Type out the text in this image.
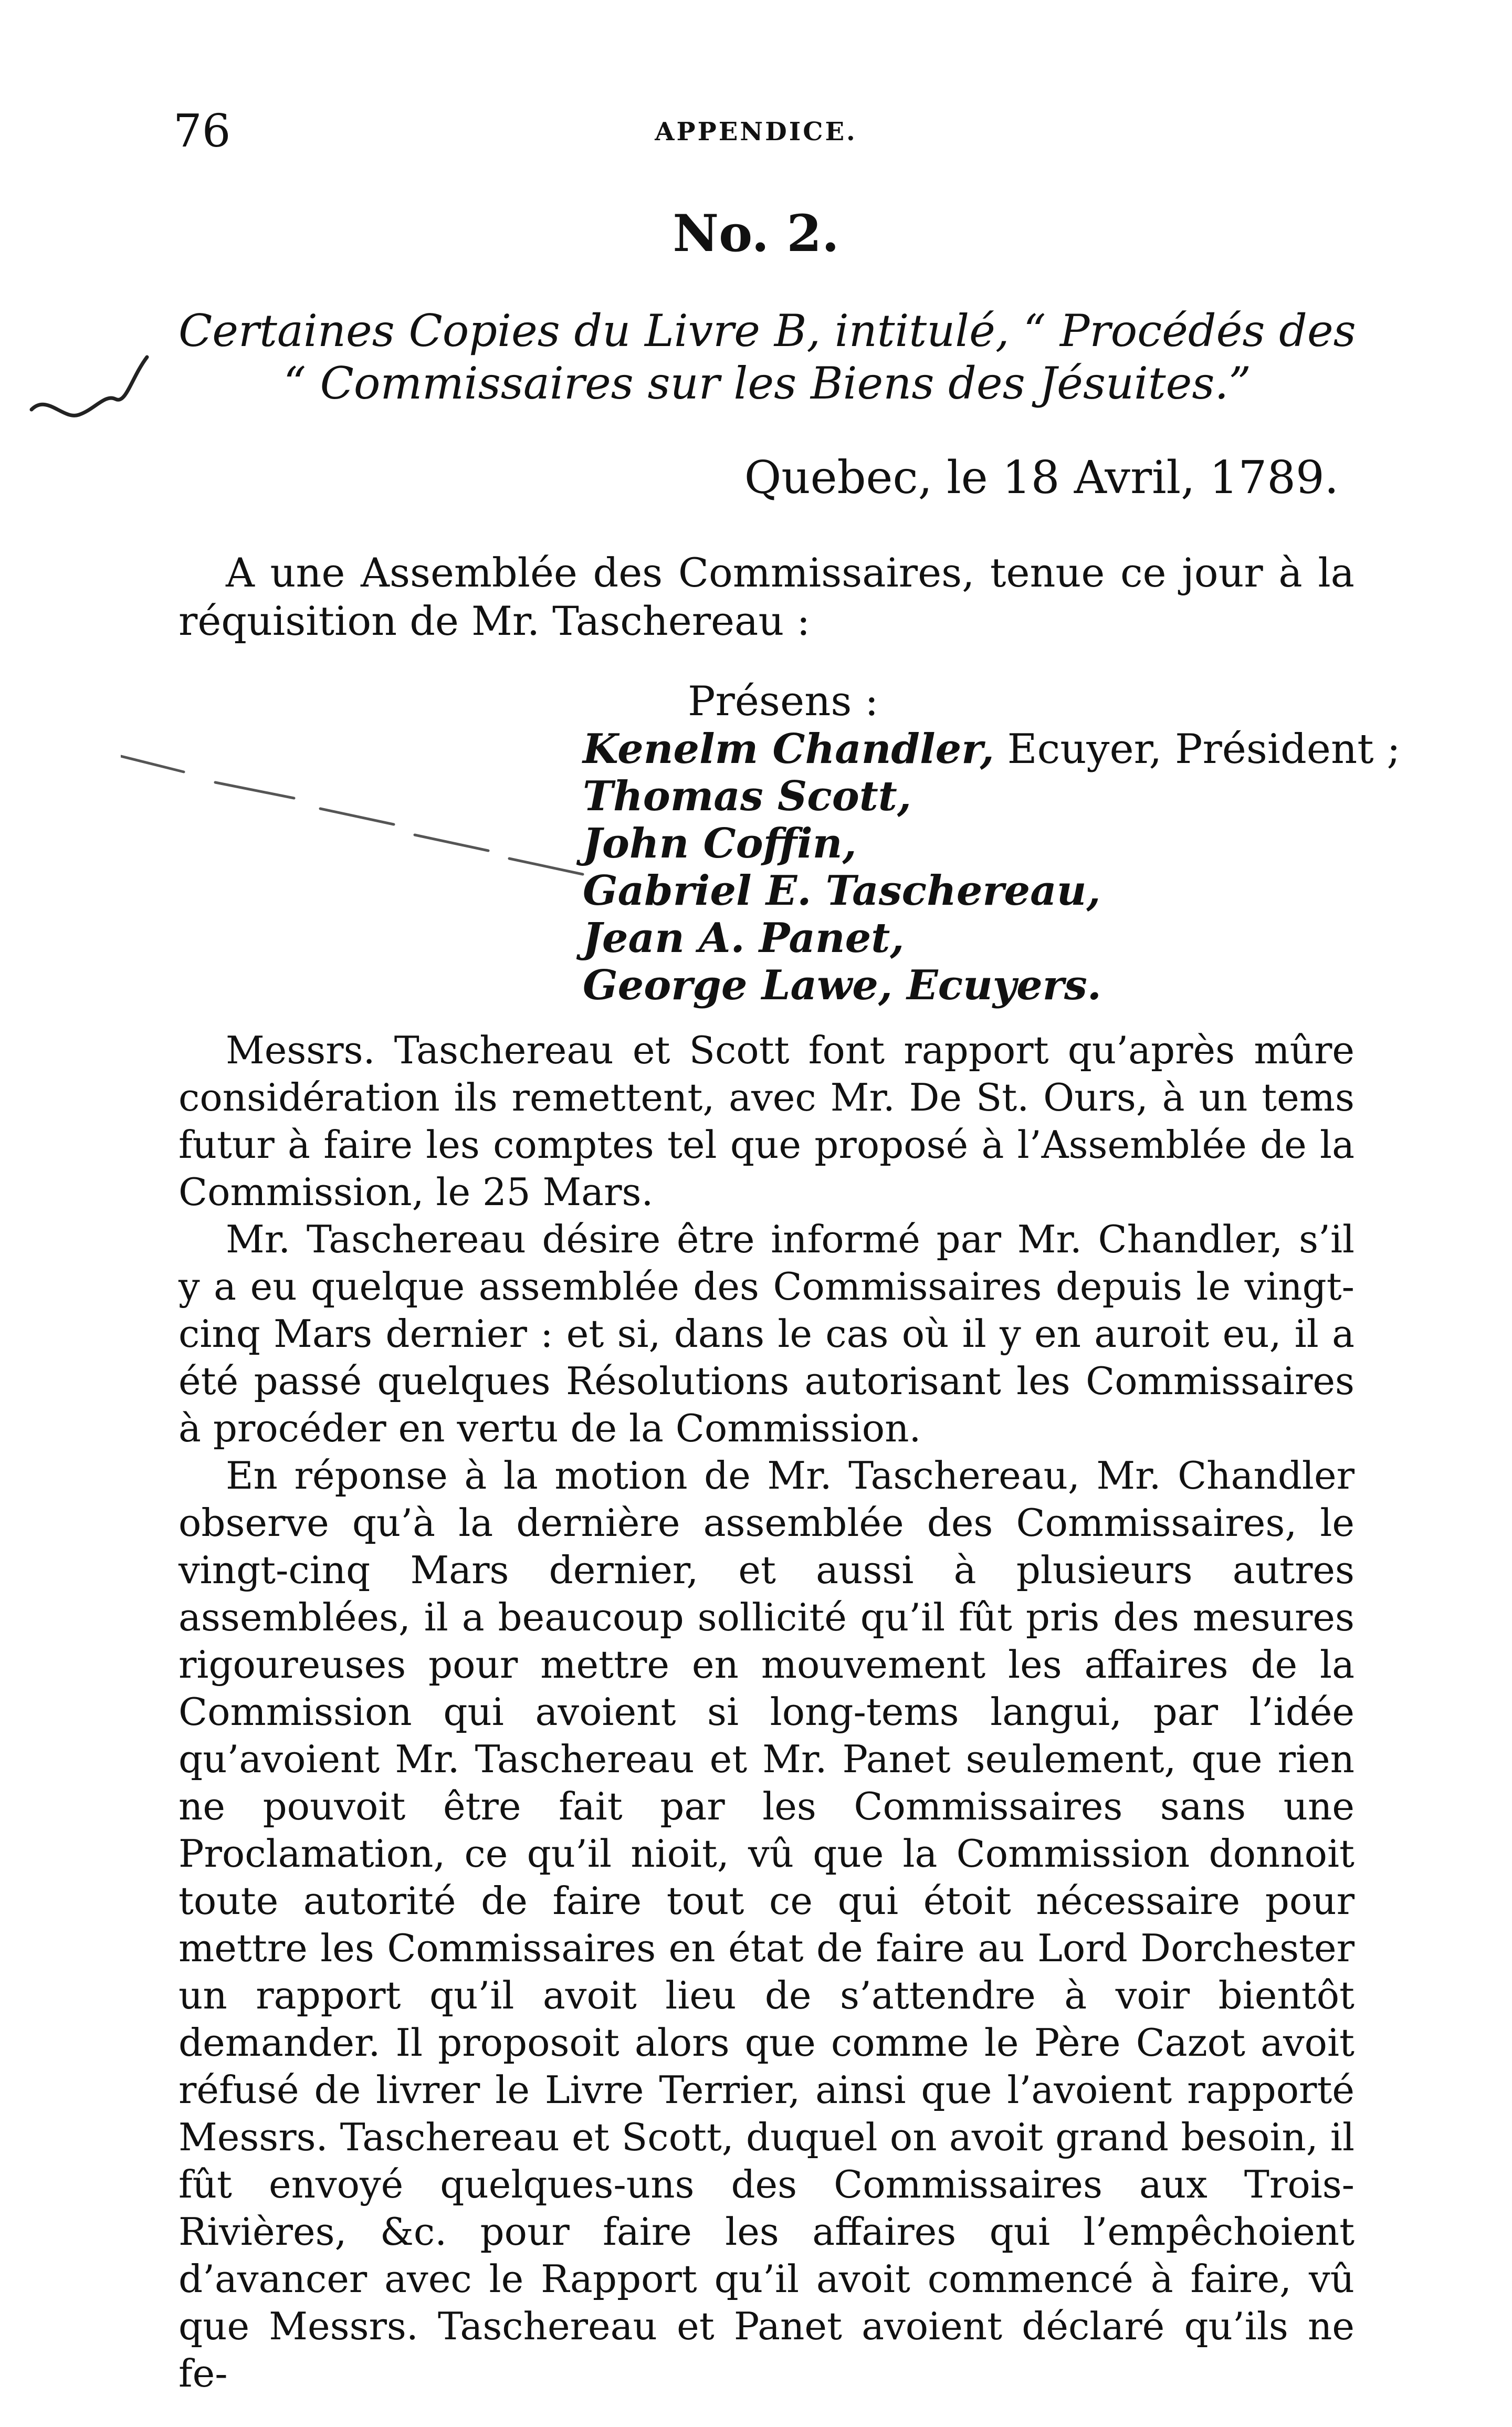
76	APPENDICE.
No. 2.
Certaines Copies du Livre B, intitulé, “ Procédés des
“ Commissaires sur les Biens des Jésuites.”
Quebec, le 18 Avril, 1789.
A une Assemblée des Commissaires, tenue ce jour à la réquisition de Mr. Taschereau :
Présens :
Kenelm Chandler, Ecuyer, Président ;
Thomas Scott,
John Coffin,
Gabriel E. Taschereau,
Jean A. Panet,
George Lawe, Ecuyers.

Messrs. Taschereau et Scott font rapport qu’après mûre considération ils remettent, avec Mr. De St. Ours, à un tems futur à faire les comptes tel que proposé à l’Assemblée de la Commission, le 25 Mars.

Mr. Taschereau désire être informé par Mr. Chandler, s’il y a eu quelque assemblée des Commissaires depuis le vingt-cinq Mars dernier : et si, dans le cas où il y en auroit eu, il a été passé quelques Résolutions autorisant les Commissaires à procéder en vertu de la Commission.

En réponse à la motion de Mr. Taschereau, Mr. Chandler observe qu’à la dernière assemblée des Commissaires, le vingt-cinq Mars dernier, et aussi à plusieurs autres assemblées, il a beaucoup sollicité qu’il fût pris des mesures rigoureuses pour mettre en mouvement les affaires de la Commission qui avoient si long-tems langui, par l’idée qu’avoient Mr. Taschereau et Mr. Panet seulement, que rien ne pouvoit être fait par les Commissaires sans une Proclamation, ce qu’il nioit, vû que la Commission donnoit toute autorité de faire tout ce qui étoit nécessaire pour mettre les Commissaires en état de faire au Lord Dorchester un rapport qu’il avoit lieu de s’attendre à voir bientôt demander. Il proposoit alors que comme le Père Cazot avoit réfusé de livrer le Livre Terrier, ainsi que l’avoient rapporté Messrs. Taschereau et Scott, duquel on avoit grand besoin, il fût envoyé quelques-uns des Commissaires aux Trois-Rivières, &c. pour faire les affaires qui l’empêchoient d’avancer avec le Rapport qu’il avoit commencé à faire, vû que Messrs. Taschereau et Panet avoient déclaré qu’ils ne fe-
